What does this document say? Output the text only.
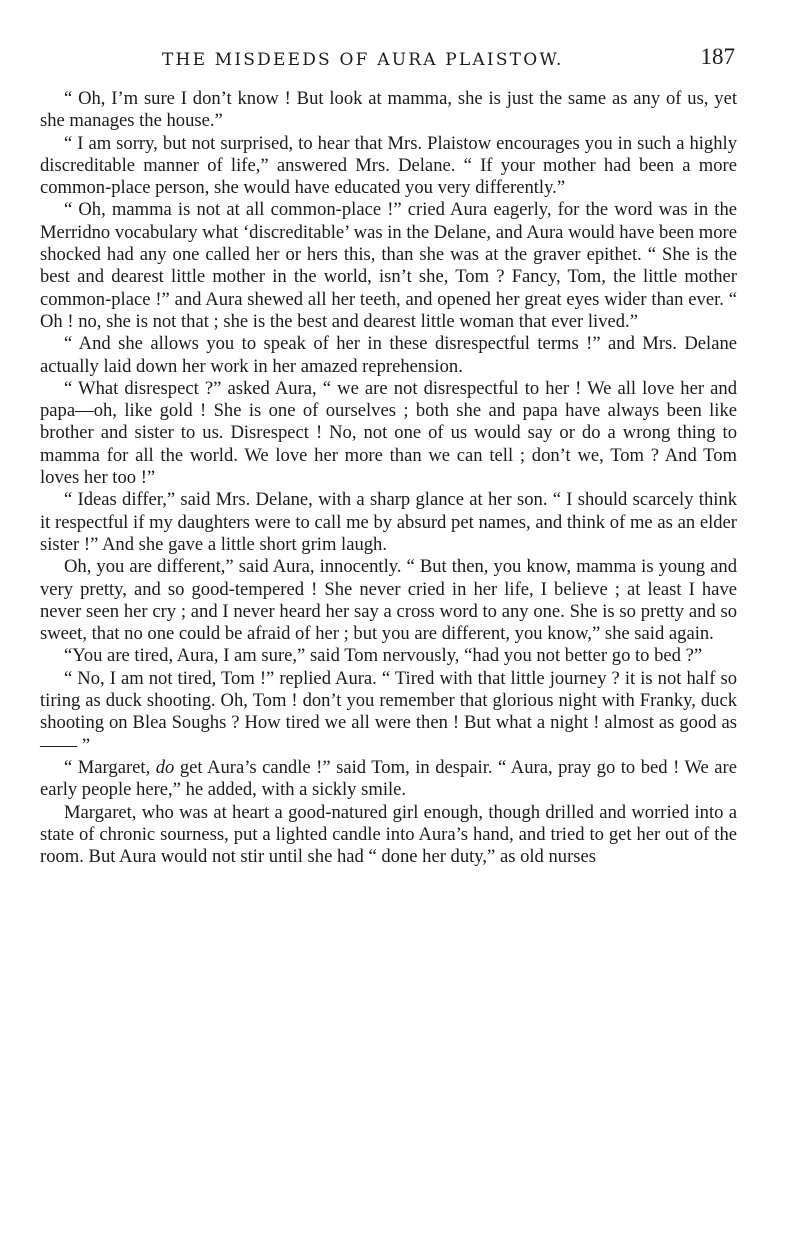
THE MISDEEDS OF AURA PLAISTOW.	187

“ Oh, I’m sure I don’t know ! But look at mamma, she is just the same as any of us, yet she manages the house.”

“ I am sorry, but not surprised, to hear that Mrs. Plaistow encourages you in such a highly discreditable manner of life,” answered Mrs. Delane. “ If your mother had been a more common-place person, she would have educated you very differently.”

“ Oh, mamma is not at all common-place !” cried Aura eagerly, for the word was in the Merridno vocabulary what ‘discreditable’ was in the Delane, and Aura would have been more shocked had any one called her or hers this, than she was at the graver epithet. “ She is the best and dearest little mother in the world, isn’t she, Tom ? Fancy, Tom, the little mother common-place !” and Aura shewed all her teeth, and opened her great eyes wider than ever. “ Oh ! no, she is not that ; she is the best and dearest little woman that ever lived.”

“ And she allows you to speak of her in these disrespectful terms !” and Mrs. Delane actually laid down her work in her amazed reprehension.

“ What disrespect ?” asked Aura, “ we are not disrespectful to her ! We all love her and papa—oh, like gold ! She is one of ourselves ; both she and papa have always been like brother and sister to us. Disrespect ! No, not one of us would say or do a wrong thing to mamma for all the world. We love her more than we can tell ; don’t we, Tom ? And Tom loves her too !”

“ Ideas differ,” said Mrs. Delane, with a sharp glance at her son. “ I should scarcely think it respectful if my daughters were to call me by absurd pet names, and think of me as an elder sister !” And she gave a little short grim laugh.

Oh, you are different,” said Aura, innocently. “ But then, you know, mamma is young and very pretty, and so good-tempered ! She never cried in her life, I believe ; at least I have never seen her cry ; and I never heard her say a cross word to any one. She is so pretty and so sweet, that no one could be afraid of her ; but you are different, you know,” she said again.

“You are tired, Aura, I am sure,” said Tom nervously, “had you not better go to bed ?”

“ No, I am not tired, Tom !” replied Aura. “ Tired with that little journey ? it is not half so tiring as duck shooting. Oh, Tom ! don’t you remember that glorious night with Franky, duck shooting on Blea Soughs ? How tired we all were then ! But what a night ! almost as good as —— ”

“ Margaret, do get Aura’s candle !” said Tom, in despair. “ Aura, pray go to bed ! We are early people here,” he added, with a sickly smile.

Margaret, who was at heart a good-natured girl enough, though drilled and worried into a state of chronic sourness, put a lighted candle into Aura’s hand, and tried to get her out of the room. But Aura would not stir until she had “ done her duty,” as old nurses
